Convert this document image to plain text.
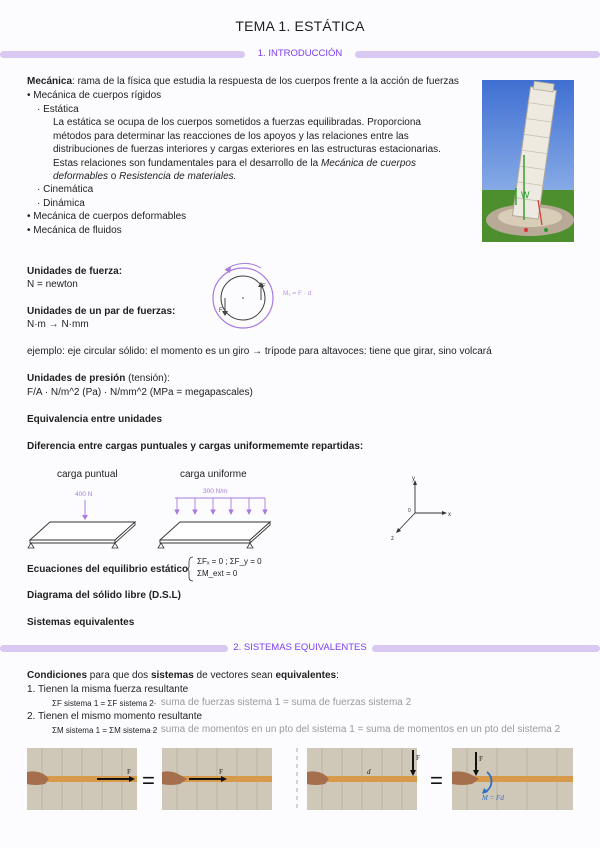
TEMA 1. ESTÁTICA
1. INTRODUCCIÓN
Mecánica: rama de la física que estudia la respuesta de los cuerpos frente a la acción de fuerzas
• Mecánica de cuerpos rígidos
· Estática
La estática se ocupa de los cuerpos sometidos a fuerzas equilibradas. Proporciona métodos para determinar las reacciones de los apoyos y las relaciones entre las distribuciones de fuerzas interiores y cargas exteriores en las estructuras estacionarias. Estas relaciones son fundamentales para el desarrollo de la Mecánica de cuerpos deformables o Resistencia de materiales.
· Cinemática
· Dinámica
• Mecánica de cuerpos deformables
• Mecánica de fluidos
W
Unidades de fuerza:
N = newton
Unidades de un par de fuerzas:
N·m → N·mm
F
F
M₁ = F · d
ejemplo: eje circular sólido: el momento es un giro → trípode para altavoces: tiene que girar, sino volcará
Unidades de presión (tensión):
F/A · N/m^2 (Pa) · N/mm^2 (MPa = megapascales)
Equivalencia entre unidades
Diferencia entre cargas puntuales y cargas uniformememte repartidas:
carga puntual	carga uniforme
400 N	300 N/m
y
x
z
0
Ecuaciones del equilibrio estático
ΣFₓ = 0 ; ΣF_y = 0
ΣM_ext = 0
Diagrama del sólido libre (D.S.L)
Sistemas equivalentes
2. SISTEMAS EQUIVALENTES
Condiciones para que dos sistemas de vectores sean equivalentes:
1. Tienen la misma fuerza resultante
ΣF sistema 1 = ΣF sistema 2
→ suma de fuerzas sistema 1 = suma de fuerzas sistema 2
2. Tienen el mismo momento resultante
ΣM sistema 1 = ΣM sistema 2
→ suma de momentos en un pto del sistema 1 = suma de momentos en un pto del sistema 2
F =	F
F
d	=
F
M = Fd
